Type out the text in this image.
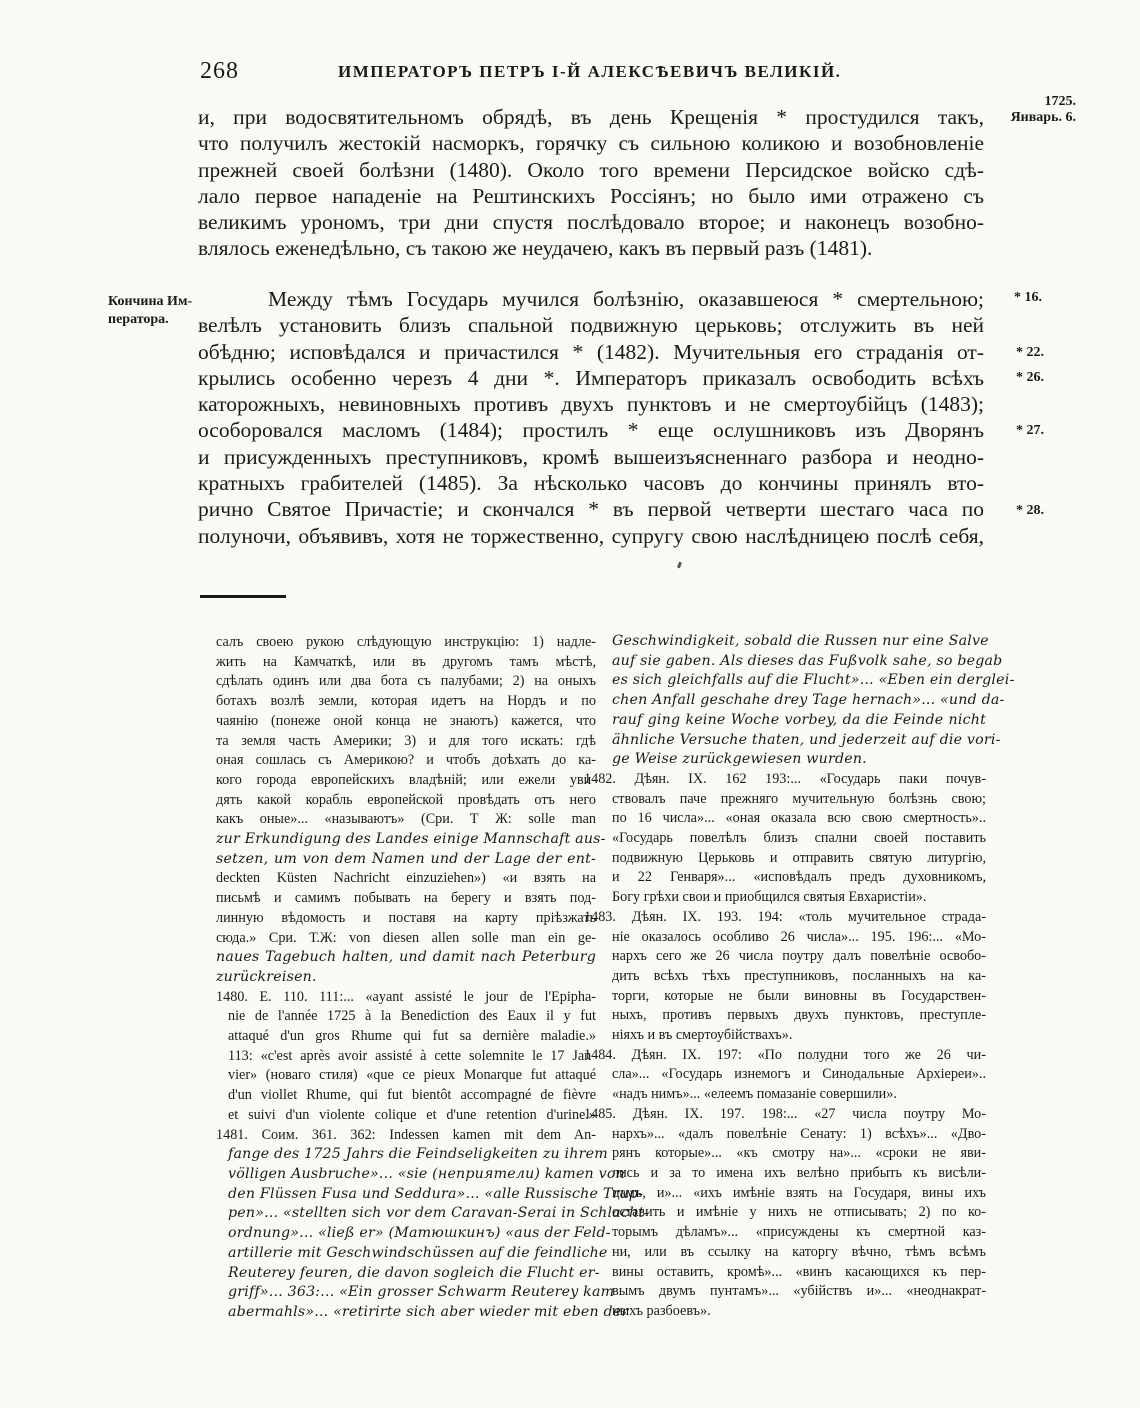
268	ИМПЕРАТОРЪ ПЕТРЪ I-Й АЛЕКСѢЕВИЧЪ ВЕЛИКІЙ.
1725.
Январь. 6.
* 16.
* 22.
* 26.
* 27.
* 28.
Кончина Им-
ператора.
и, при водосвятительномъ обрядѣ, въ день Крещенія * простудился такъ,
что получилъ жестокій насморкъ, горячку съ сильною коликою и возобновленіе
прежней своей болѣзни (1480). Около того времени Персидское войско сдѣ-
лало первое нападеніе на Рештинскихъ Россіянъ; но было ими отражено съ
великимъ урономъ, три дни спустя послѣдовало второе; и наконецъ возобно-
влялось еженедѣльно, съ такою же неудачею, какъ въ первый разъ (1481).
Между тѣмъ Государь мучился болѣзнію, оказавшеюся * смертельною;
велѣлъ установить близъ спальной подвижную церьковь; отслужить въ ней
обѣдню; исповѣдался и причастился * (1482). Мучительныя его страданія от-
крылись особенно черезъ 4 дни *. Императоръ приказалъ освободить всѣхъ
каторожныхъ, невиновныхъ противъ двухъ пунктовъ и не смертоубійцъ (1483);
особоровался масломъ (1484); простилъ * еще ослушниковъ изъ Дворянъ
и присужденныхъ преступниковъ, кромѣ вышеизъясненнаго разбора и неодно-
кратныхъ грабителей (1485). За нѣсколько часовъ до кончины принялъ вто-
рично Святое Причастіе; и скончался * въ первой четверти шестаго часа по
полуночи, объявивъ, хотя не торжественно, супругу свою наслѣдницею послѣ себя,
салъ своею рукою слѣдующую инструкцію: 1) надле-
жить на Камчаткѣ, или въ другомъ тамъ мѣстѣ,
сдѣлать одинъ или два бота съ палубами; 2) на оныхъ
ботахъ возлѣ земли, которая идетъ на Нордъ и по
чаянію (понеже оной конца не знаютъ) кажется, что
та земля часть Америки; 3) и для того искать: гдѣ
оная сошлась съ Америкою? и чтобъ доѣхать до ка-
кого города европейскихъ владѣній; или ежели уви-
дять какой корабль европейской провѣдать отъ него
какъ оные»... «называютъ» (Сри. Т Ж: solle man
zur Erkundigung des Landes einige Mannschaft aus-
setzen, um von dem Namen und der Lage der ent-
deckten Küsten Nachricht einzuziehen») «и взять на
письмѣ и самимъ побывать на берегу и взять под-
линную вѣдомость и поставя на карту пріѣзжать
сюда.» Сри. Т.Ж: von diesen allen solle man ein ge-
naues Tagebuch halten, und damit nach Peterburg
zurückreisen.
1480. Е. 110. 111:... «ayant assisté le jour de l'Epipha-
nie de l'année 1725 à la Benediction des Eaux il y fut
attaqué d'un gros Rhume qui fut sa dernière maladie.»
113: «c'est après avoir assisté à cette solemnite le 17 Jan-
vier» (новаго стиля) «que ce pieux Monarque fut attaqué
d'un viollet Rhume, qui fut bientôt accompagné de fièvre
et suivi d'un violente colique et d'une retention d'urine.»
1481. Соим. 361. 362: Indessen kamen mit dem An-
fange des 1725 Jahrs die Feindseligkeiten zu ihrem
völligen Ausbruche»... «sie (неприятели) kamen von
den Flüssen Fusa und Seddura»... «alle Russische Trup-
pen»... «stellten sich vor dem Caravan-Serai in Schlacht-
ordnung»... «ließ er» (Матюшкинъ) «aus der Feld-
artillerie mit Geschwindschüssen auf die feindliche
Reuterey feuren, die davon sogleich die Flucht er-
griff»... 363:... «Ein grosser Schwarm Reuterey kam
abermahls»... «retirirte sich aber wieder mit eben der
Geschwindigkeit, sobald die Russen nur eine Salve
auf sie gaben. Als dieses das Fußvolk sahe, so begab
es sich gleichfalls auf die Flucht»... «Eben ein derglei-
chen Anfall geschahe drey Tage hernach»... «und da-
rauf ging keine Woche vorbey, da die Feinde nicht
ähnliche Versuche thaten, und jederzeit auf die vori-
ge Weise zurückgewiesen wurden.
1482. Дѣян. IX. 162 193:... «Государь паки почув-
ствовалъ паче прежняго мучительную болѣзнь свою;
по 16 числа»... «оная оказала всю свою смертность»..
«Государь повелѣлъ близъ спални своей поставить
подвижную Церьковь и отправить святую литургію,
и 22 Генваря»... «исповѣдалъ предъ духовникомъ,
Богу грѣхи свои и приобщился святыя Евхаристіи».
1483. Дѣян. IX. 193. 194: «толь мучительное страда-
ніе оказалось особливо 26 числа»... 195. 196:... «Мо-
нархъ сего же 26 числа поутру далъ повелѣніе освобо-
дить всѣхъ тѣхъ преступниковъ, посланныхъ на ка-
торги, которые не были виновны въ Государствен-
ныхъ, противъ первыхъ двухъ пунктовъ, преступле-
ніяхъ и въ смертоубійствахъ».
1484. Дѣян. IX. 197: «По полудни того же 26 чи-
сла»... «Государь изнемогъ и Синодальные Архіереи»..
«надъ нимъ»... «елеемъ помазаніе совершили».
1485. Дѣян. IX. 197. 198:... «27 числа поутру Мо-
нархъ»... «далъ повелѣніе Сенату: 1) всѣхъ»... «Дво-
рянъ которые»... «къ смотру на»... «сроки не яви-
лись и за то имена ихъ велѣно прибыть къ висѣли-
цамъ, и»... «ихъ имѣніе взять на Государя, вины ихъ
оставить и имѣніе у нихъ не отписывать; 2) по ко-
торымъ дѣламъ»... «присуждены къ смертной каз-
ни, или въ ссылку на каторгу вѣчно, тѣмъ всѣмъ
вины оставить, кромѣ»... «винъ касающихся къ пер-
вымъ двумъ пунтамъ»... «убійствъ и»... «неоднакрат-
ныхъ разбоевъ».
